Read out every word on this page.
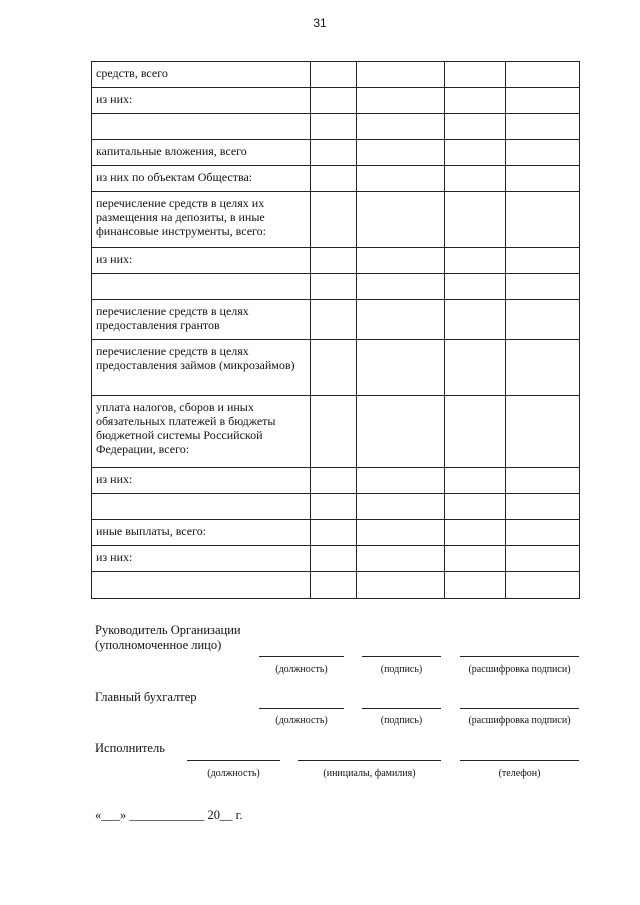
31
средств, всего				
из них:				

капитальные вложения, всего				
из них по объектам Общества:				
перечисление средств в целях их размещения на депозиты, в иные финансовые инструменты, всего:				
из них:				

перечисление средств в целях предоставления грантов				
перечисление средств в целях предоставления займов (микрозаймов)				
уплата налогов, сборов и иных обязательных платежей в бюджеты бюджетной системы Российской Федерации, всего:				
из них:				

иные выплаты, всего:				
из них:				

Руководитель Организации
(уполномоченное лицо)
(должность)	(подпись)	(расшифровка подписи)
Главный бухгалтер
(должность)	(подпись)	(расшифровка подписи)
Исполнитель
(должность)	(инициалы, фамилия)	(телефон)
«___» ____________ 20__ г.
